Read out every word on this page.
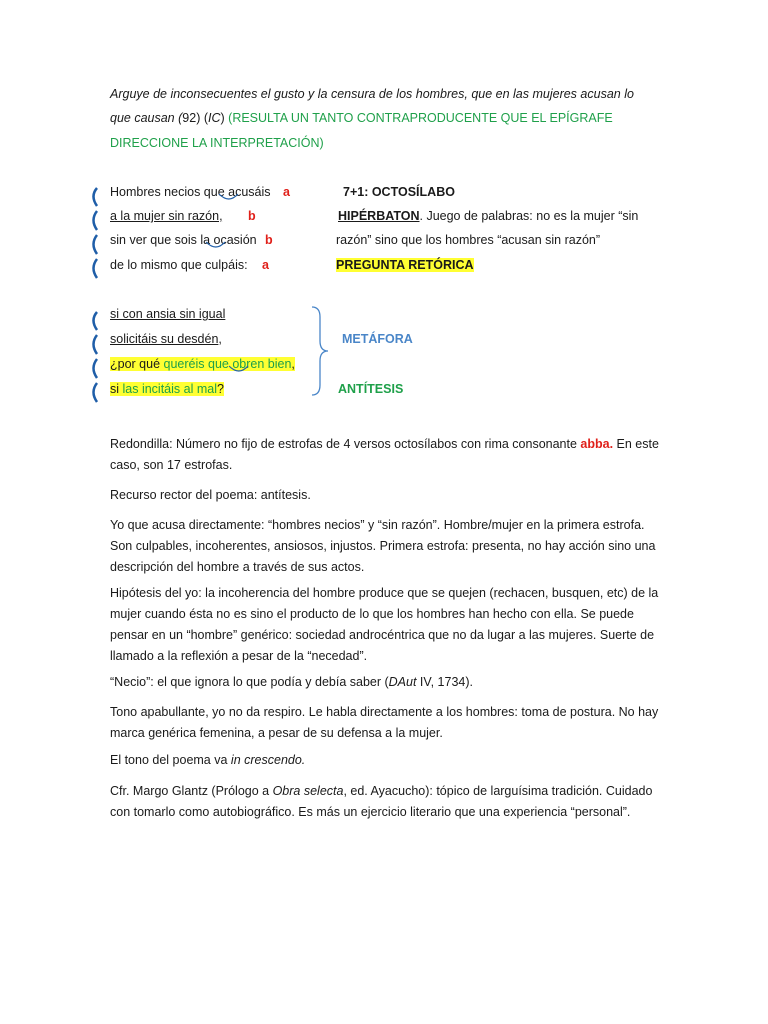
Arguye de inconsecuentes el gusto y la censura de los hombres, que en las mujeres acusan lo
que causan (92) (IC) (RESULTA UN TANTO CONTRAPRODUCENTE QUE EL EPÍGRAFE
DIRECCIONE LA INTERPRETACIÓN)
Hombres necios que acusáis a	7+1: OCTOSÍLABO
a la mujer sin razón, b	HIPÉRBATON. Juego de palabras: no es la mujer “sin
sin ver que sois la ocasión b	razón” sino que los hombres “acusan sin razón”
de lo mismo que culpáis: a	PREGUNTA RETÓRICA
si con ansia sin igual
solicitáis su desdén,
¿por qué queréis que obren bien,
si las incitáis al mal?
METÁFORA
ANTÍTESIS
Redondilla: Número no fijo de estrofas de 4 versos octosílabos con rima consonante abba. En este caso, son 17 estrofas.
Recurso rector del poema: antítesis.
Yo que acusa directamente: “hombres necios” y “sin razón”. Hombre/mujer en la primera estrofa. Son culpables, incoherentes, ansiosos, injustos. Primera estrofa: presenta, no hay acción sino una descripción del hombre a través de sus actos.
Hipótesis del yo: la incoherencia del hombre produce que se quejen (rechacen, busquen, etc) de la mujer cuando ésta no es sino el producto de lo que los hombres han hecho con ella. Se puede pensar en un “hombre” genérico: sociedad androcéntrica que no da lugar a las mujeres. Suerte de llamado a la reflexión a pesar de la “necedad”.
“Necio”: el que ignora lo que podía y debía saber (DAut IV, 1734).
Tono apabullante, yo no da respiro. Le habla directamente a los hombres: toma de postura. No hay marca genérica femenina, a pesar de su defensa a la mujer.
El tono del poema va in crescendo.
Cfr. Margo Glantz (Prólogo a Obra selecta, ed. Ayacucho): tópico de larguísima tradición. Cuidado con tomarlo como autobiográfico. Es más un ejercicio literario que una experiencia “personal”.
